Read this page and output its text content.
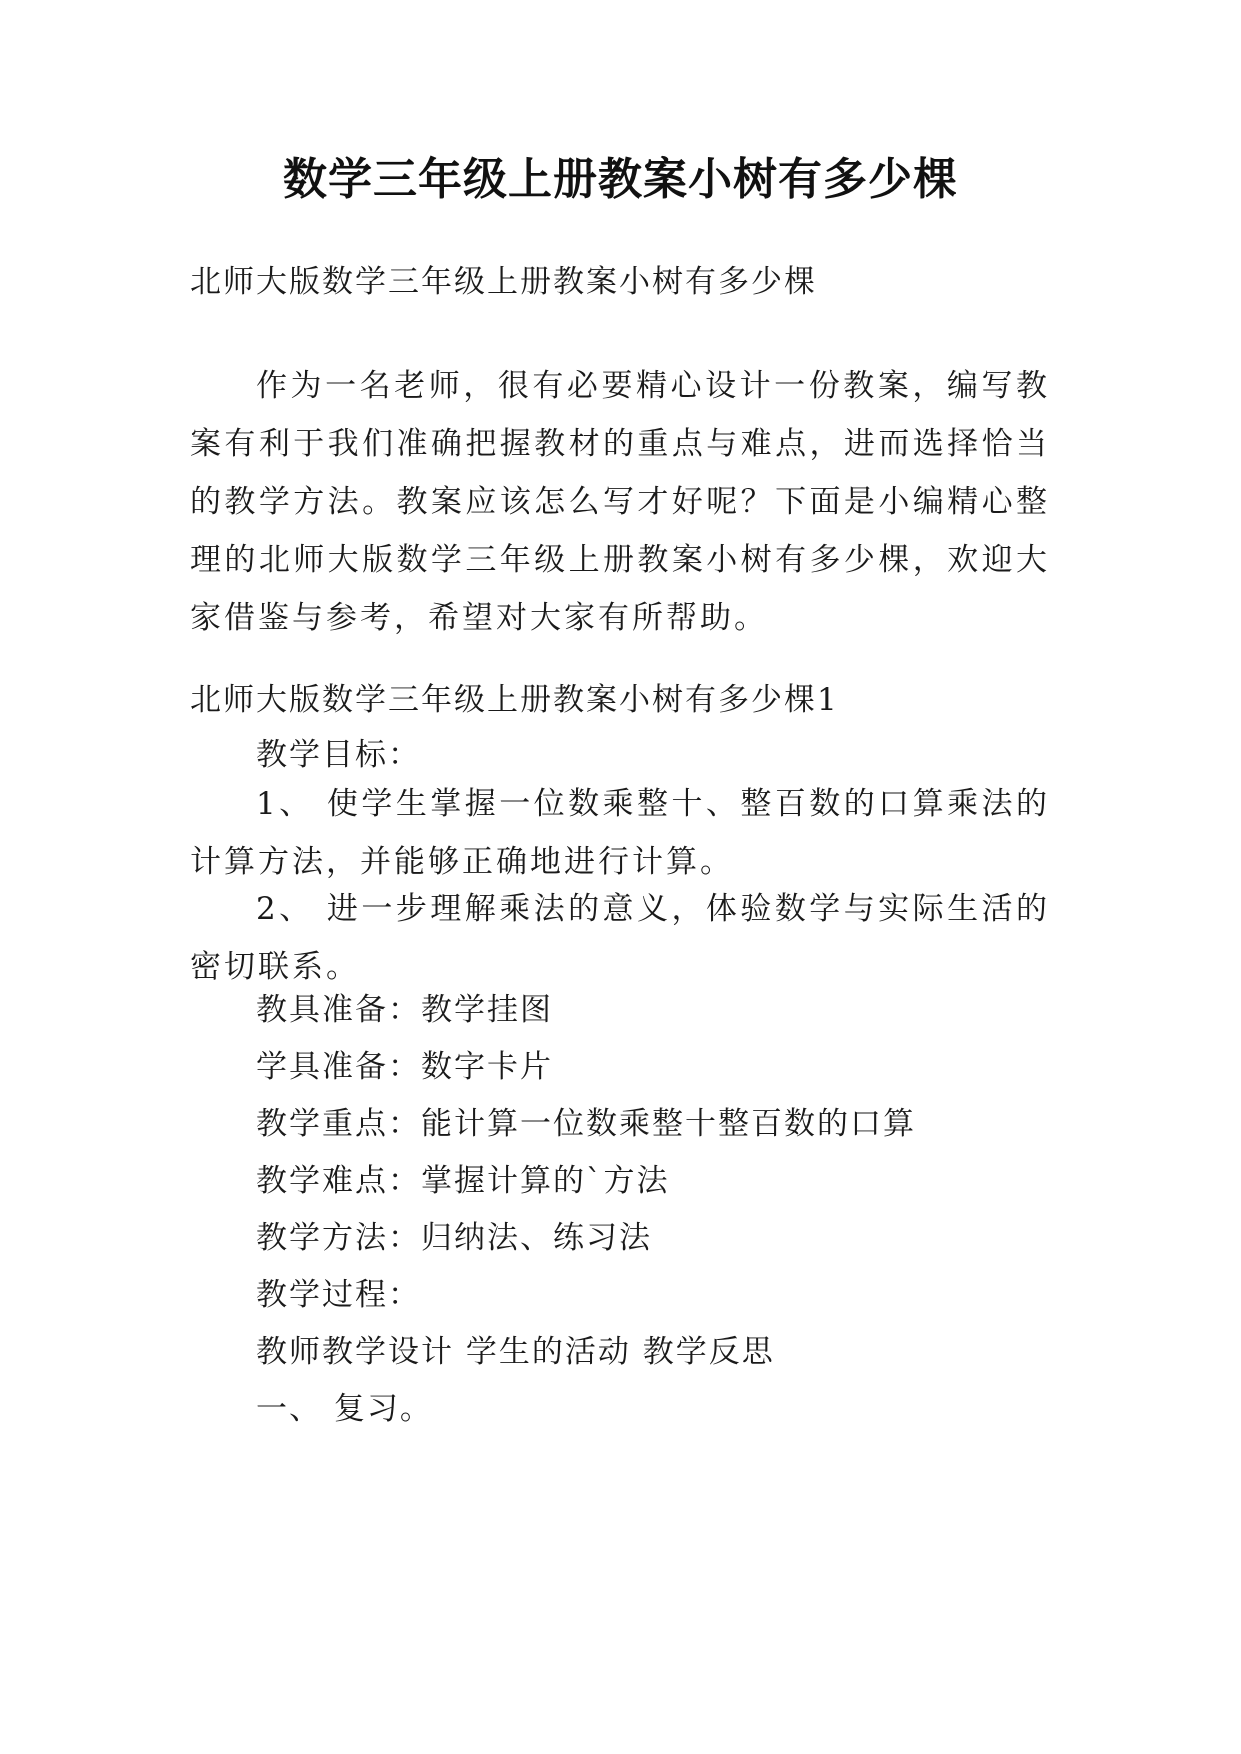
数学三年级上册教案小树有多少棵
北师大版数学三年级上册教案小树有多少棵
作为一名老师，很有必要精心设计一份教案，编写教案有利于我们准确把握教材的重点与难点，进而选择恰当的教学方法。教案应该怎么写才好呢？下面是小编精心整理的北师大版数学三年级上册教案小树有多少棵，欢迎大家借鉴与参考，希望对大家有所帮助。
北师大版数学三年级上册教案小树有多少棵1
教学目标：
1、 使学生掌握一位数乘整十、整百数的口算乘法的计算方法，并能够正确地进行计算。
2、 进一步理解乘法的意义，体验数学与实际生活的密切联系。
教具准备：教学挂图
学具准备：数字卡片
教学重点：能计算一位数乘整十整百数的口算
教学难点：掌握计算的`方法
教学方法：归纳法、练习法
教学过程：
教师教学设计 学生的活动 教学反思
一、 复习。
